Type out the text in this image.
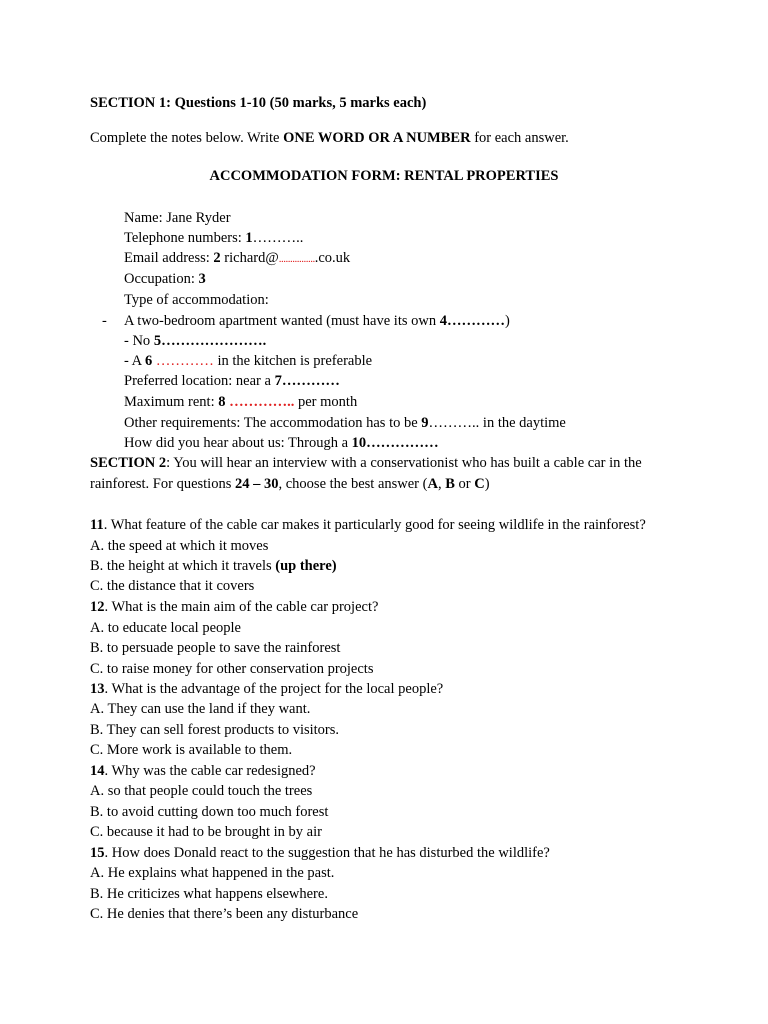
SECTION 1: Questions 1-10 (50 marks, 5 marks each)
Complete the notes below. Write ONE WORD OR A NUMBER for each answer.
ACCOMMODATION FORM: RENTAL PROPERTIES
Name: Jane Ryder
Telephone numbers: 1………..
Email address: 2 richard@.................co.uk
Occupation: 3
Type of accommodation:
- A two-bedroom apartment wanted (must have its own 4…………)
- No 5………………….
- A 6 ………… in the kitchen is preferable
Preferred location: near a 7…………
Maximum rent: 8 ………….. per month
Other requirements: The accommodation has to be 9……….. in the daytime
How did you hear about us: Through a 10……………
SECTION 2: You will hear an interview with a conservationist who has built a cable car in the
rainforest. For questions 24 – 30, choose the best answer (A, B or C)
11. What feature of the cable car makes it particularly good for seeing wildlife in the rainforest?
A. the speed at which it moves
B. the height at which it travels (up there)
C. the distance that it covers
12. What is the main aim of the cable car project?
A. to educate local people
B. to persuade people to save the rainforest
C. to raise money for other conservation projects
13. What is the advantage of the project for the local people?
A. They can use the land if they want.
B. They can sell forest products to visitors.
C. More work is available to them.
14. Why was the cable car redesigned?
A. so that people could touch the trees
B. to avoid cutting down too much forest
C. because it had to be brought in by air
15. How does Donald react to the suggestion that he has disturbed the wildlife?
A. He explains what happened in the past.
B. He criticizes what happens elsewhere.
C. He denies that there’s been any disturbance
